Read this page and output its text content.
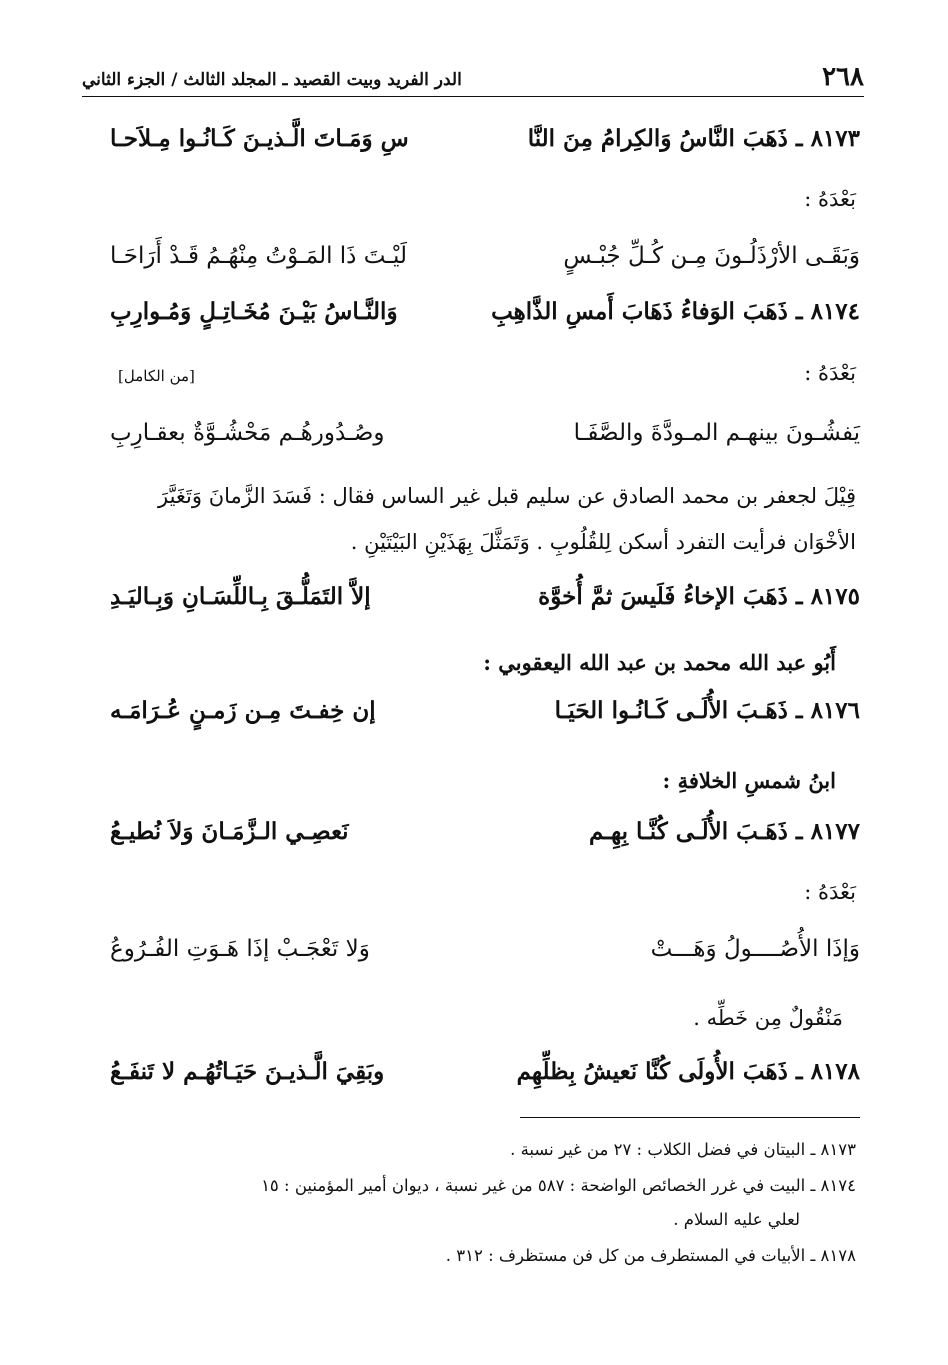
٢٦٨
الدر الفريد وبيت القصيد ـ المجلد الثالث / الجزء الثاني
٨١٧٣ ـ ذَهَبَ النَّاسُ وَالكِرامُ مِنَ النَّا
سِ وَمَـاتَ الَّـذيـنَ كَـانُـوا مِـلاَحـا
بَعْدَهُ :
وَبَقَـى الأرْذَلُـونَ مِـن كُـلِّ جُبْـسٍ
لَيْـتَ ذَا المَـوْتُ مِنْهُـمُ قَـدْ أَرَاحَـا
٨١٧٤ ـ ذَهَبَ الوَفاءُ ذَهَابَ أَمسِ الذَّاهِبِ
وَالنَّـاسُ بَيْـنَ مُخَـاتِـلٍ وَمُـوارِبِ
بَعْدَهُ :
[من الكامل]
يَفشُـونَ بينهـم المـودَّةَ والصَّفَـا
وصُـدُورهُـم مَحْشُـوَّةٌ بعقـارِبِ
قِيْلَ لجعفر بن محمد الصادق عن سليم قبل غير الساس فقال : فَسَدَ الزَّمانَ وَتَغَيَّرَ
الأخْوَان فرأيت التفرد أسكن لِلقُلُوبِ . وَتَمَثَّلَ بِهَذَيْنِ البَيْتَيْنِ .
٨١٧٥ ـ ذَهَبَ الإخاءُ فَلَيسَ ثمَّ أُخوَّة
إلاَّ التَمَلُّـقَ بِـاللِّسَـانِ وَبِـاليَـدِ
أَبُو عبد الله محمد بن عبد الله اليعقوبي :
٨١٧٦ ـ ذَهَـبَ الأُلَـى كَـانُـوا الحَيَـا
إن خِفـتَ مِـن زَمـنٍ عُـرَامَـه
ابنُ شمسِ الخلافةِ :
٨١٧٧ ـ ذَهَـبَ الأُلَـى كُنَّـا بِهِـم
نَعصِـي الـزَّمَـانَ وَلاَ نُطيـعُ
بَعْدَهُ :
وَإذَا الأُصُــــولُ وَهَـــتْ
وَلا تَعْجَـبْ إذَا هَـوَتِ الفُـرُوعُ
مَنْقُولٌ مِن خَطِّه .
٨١٧٨ ـ ذَهَبَ الأُولَى كُنَّا نَعيشُ بِظلِّهِم
وبَقِيَ الَّـذيـنَ حَيَـاتُهُـم لا تَنفَـعُ
٨١٧٣ ـ البيتان في فضل الكلاب : ٢٧ من غير نسبة .
٨١٧٤ ـ البيت في غرر الخصائص الواضحة : ٥٨٧ من غير نسبة ، ديوان أمير المؤمنين : ١٥
لعلي عليه السلام .
٨١٧٨ ـ الأبيات في المستطرف من كل فن مستظرف : ٣١٢ .
